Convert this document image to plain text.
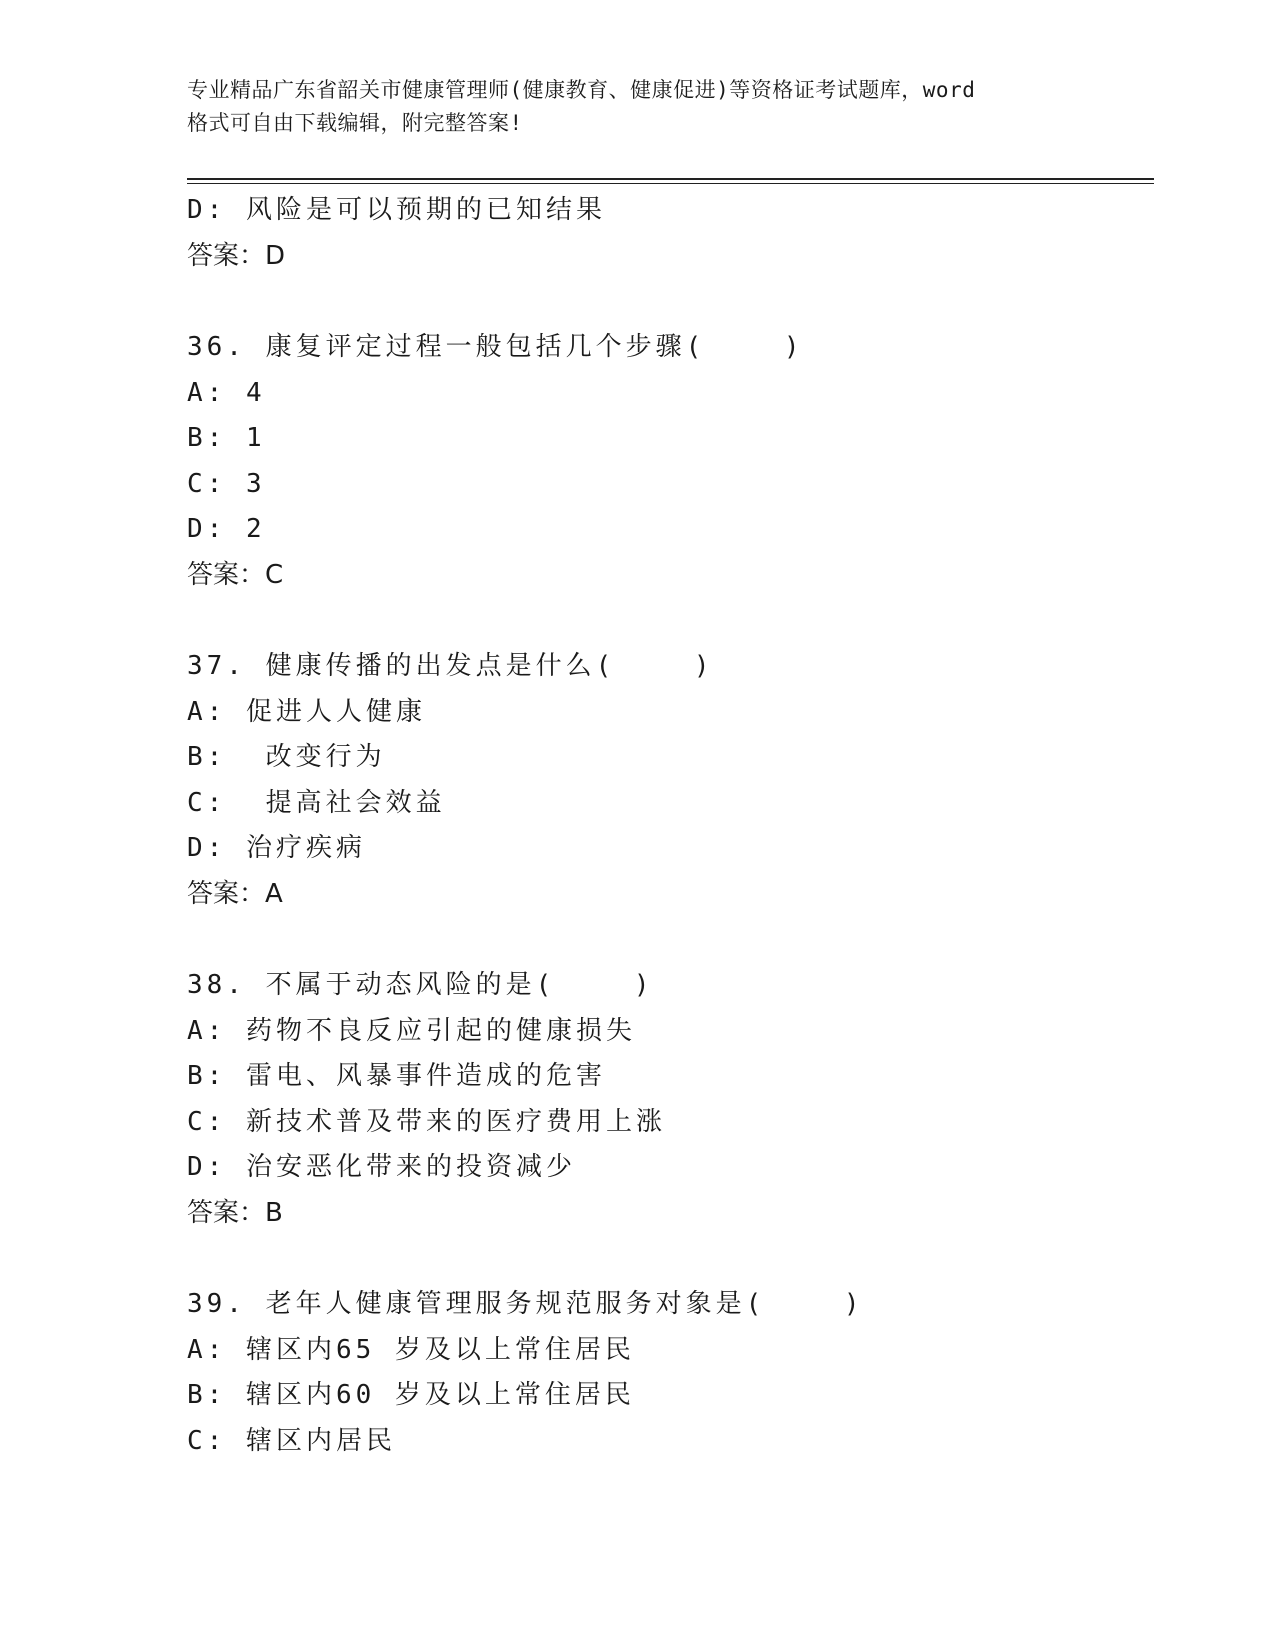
专业精品广东省韶关市健康管理师(健康教育、健康促进)等资格证考试题库，word
格式可自由下载编辑，附完整答案!
D: 风险是可以预期的已知结果
答案：D
36. 康复评定过程一般包括几个步骤(    )
A: 4
B: 1
C: 3
D: 2
答案：C
37. 健康传播的出发点是什么(    )
A: 促进人人健康
B:  改变行为
C:  提高社会效益
D: 治疗疾病
答案：A
38. 不属于动态风险的是(    )
A: 药物不良反应引起的健康损失
B: 雷电、风暴事件造成的危害
C: 新技术普及带来的医疗费用上涨
D: 治安恶化带来的投资减少
答案：B
39. 老年人健康管理服务规范服务对象是(    )
A: 辖区内65 岁及以上常住居民
B: 辖区内60 岁及以上常住居民
C: 辖区内居民
